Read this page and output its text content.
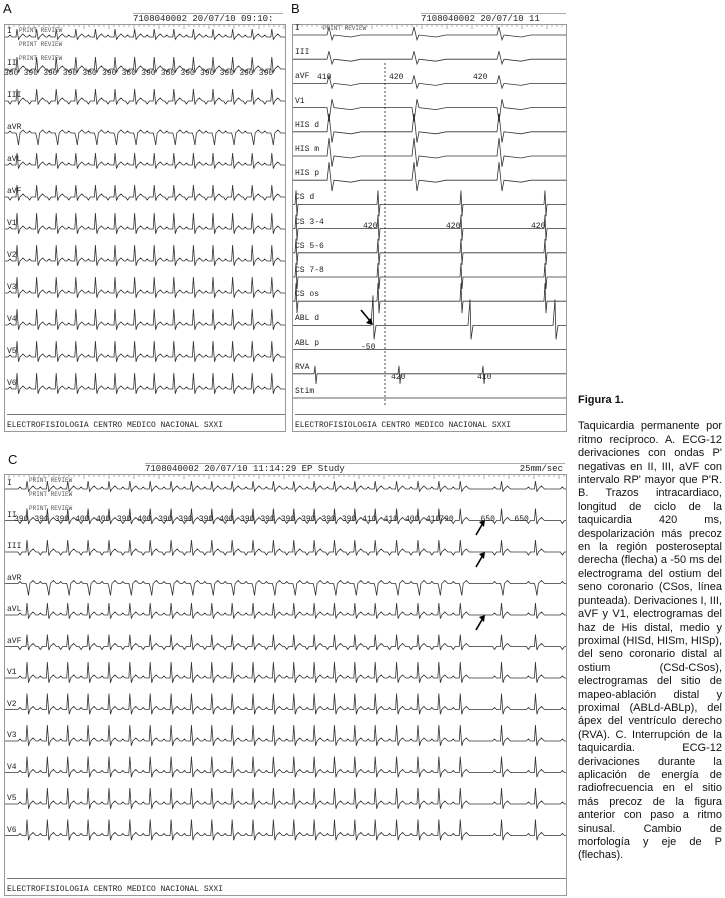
A	B
C
7108040002 20/07/10 09:10:
ELECTROFISIOLOGIA CENTRO MEDICO NACIONAL SXXI
I
II
III
aVR
aVL
aVF
V1
V2
V3
V4
V5
V6
PRINT REVIEW
PRINT REVIEW
PRINT REVIEW
380 390 390 390 380 390 380 390 380 390 390 390 390 390
7108040002 20/07/10 11
ELECTROFISIOLOGIA CENTRO MEDICO NACIONAL SXXI
I
III
aVF
V1
HIS d
HIS m
HIS p
CS d
CS 3-4
CS 5-6
CS 7-8
CS os
ABL d
ABL p
RVA
Stim
PRINT REVIEW
410	420	420
420	420	420
420	410
-50
7108040002 20/07/10 11:14:29 EP Study	25mm/sec
ELECTROFISIOLOGIA CENTRO MEDICO NACIONAL SXXI
I
II
III
aVR
aVL
aVF
V1
V2
V3
V4
V5
V6
PRINT REVIEW
PRINT REVIEW
PRINT REVIEW
390 390 390 400 400 390 400 390 390 390 400 390 390 390 390 390 390 410 410 400 410 790	650 650
Figura 1.
Taquicardia permanente por ritmo recíproco. A. ECG-12 derivaciones con ondas P' negativas en II, III, aVF con intervalo RP' mayor que P'R. B. Trazos intracardiaco, longitud de ciclo de la taquicardia 420 ms, despolarización más precoz en la región posteroseptal derecha (flecha) a -50 ms del electrograma del ostium del seno coronario (CSos, línea punteada). Derivaciones I, III, aVF y V1, electrogramas del haz de His distal, medio y proximal (HISd, HISm, HISp), del seno coronario distal al ostium (CSd-CSos), electrogramas del sitio de mapeo-ablación distal y proximal (ABLd-ABLp), del ápex del ventrículo derecho (RVA). C. Interrupción de la taquicardia. ECG-12 derivaciones durante la aplicación de energía de radiofrecuencia en el sitio más precoz de la figura anterior con paso a ritmo sinusal. Cambio de morfología y eje de P (flechas).
